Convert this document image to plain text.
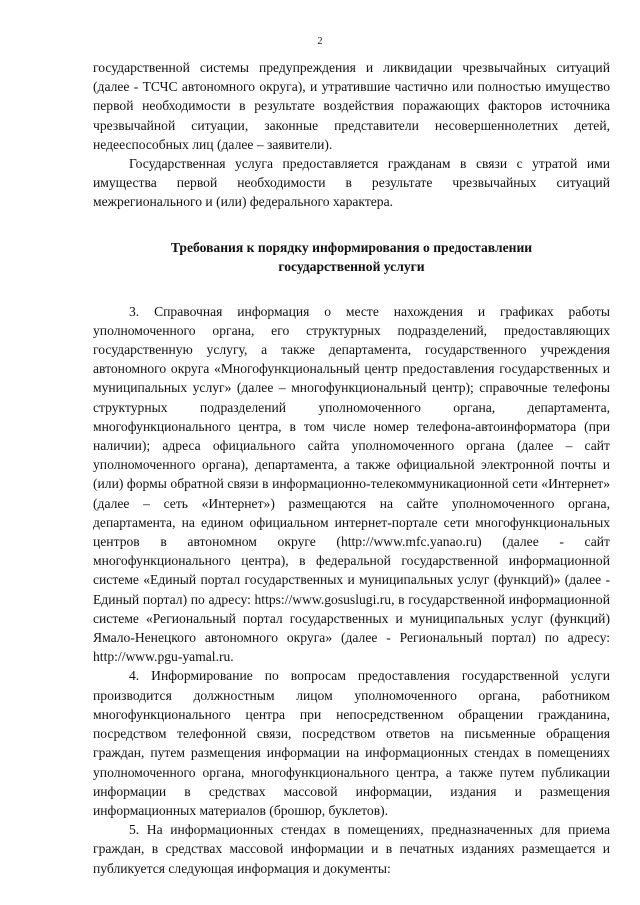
2

государственной системы предупреждения и ликвидации чрезвычайных ситуаций (далее - ТСЧС автономного округа), и утратившие частично или полностью имущество первой необходимости в результате воздействия поражающих факторов источника чрезвычайной ситуации, законные представители несовершеннолетних детей, недееспособных лиц (далее – заявители).

Государственная услуга предоставляется гражданам в связи с утратой ими имущества первой необходимости в результате чрезвычайных ситуаций межрегионального и (или) федерального характера.

Требования к порядку информирования о предоставлении государственной услуги

3. Справочная информация о месте нахождения и графиках работы уполномоченного органа, его структурных подразделений, предоставляющих государственную услугу, а также департамента, государственного учреждения автономного округа «Многофункциональный центр предоставления государственных и муниципальных услуг» (далее – многофункциональный центр); справочные телефоны структурных подразделений уполномоченного органа, департамента, многофункционального центра, в том числе номер телефона-автоинформатора (при наличии); адреса официального сайта уполномоченного органа (далее – сайт уполномоченного органа), департамента, а также официальной электронной почты и (или) формы обратной связи в информационно-телекоммуникационной сети «Интернет» (далее – сеть «Интернет») размещаются на сайте уполномоченного органа, департамента, на едином официальном интернет-портале сети многофункциональных центров в автономном округе (http://www.mfc.yanao.ru) (далее - сайт многофункционального центра), в федеральной государственной информационной системе «Единый портал государственных и муниципальных услуг (функций)» (далее - Единый портал) по адресу: https://www.gosuslugi.ru, в государственной информационной системе «Региональный портал государственных и муниципальных услуг (функций) Ямало-Ненецкого автономного округа» (далее - Региональный портал) по адресу: http://www.pgu-yamal.ru.

4. Информирование по вопросам предоставления государственной услуги производится должностным лицом уполномоченного органа, работником многофункционального центра при непосредственном обращении гражданина, посредством телефонной связи, посредством ответов на письменные обращения граждан, путем размещения информации на информационных стендах в помещениях уполномоченного органа, многофункционального центра, а также путем публикации информации в средствах массовой информации, издания и размещения информационных материалов (брошюр, буклетов).

5. На информационных стендах в помещениях, предназначенных для приема граждан, в средствах массовой информации и в печатных изданиях размещается и публикуется следующая информация и документы:
